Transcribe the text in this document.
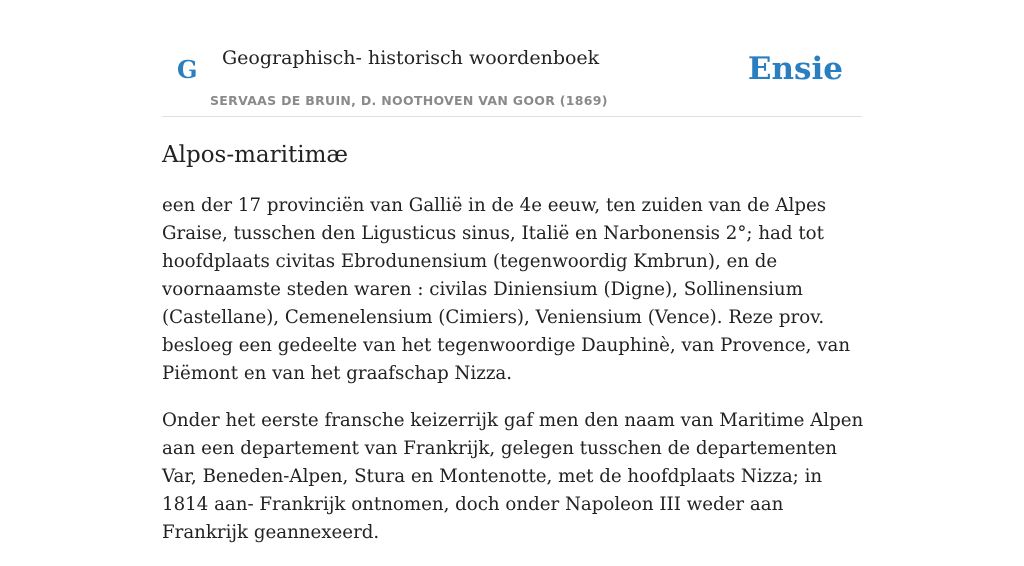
G Geographisch- historisch woordenboek
SERVAAS DE BRUIN, D. NOOTHOVEN VAN GOOR (1869)
Ensie
Alpos-maritimæ

een der 17 provinciën van Gallië in de 4e eeuw, ten zuiden van de Alpes Graise, tusschen den Ligusticus sinus, Italië en Narbonensis 2°; had tot hoofdplaats civitas Ebrodunensium (tegenwoordig Kmbrun), en de voornaamste steden waren : civilas Diniensium (Digne), Sollinensium (Castellane), Cemenelensium (Cimiers), Veniensium (Vence). Reze prov. besloeg een gedeelte van het tegenwoordige Dauphinè, van Provence, van Piëmont en van het graafschap Nizza.

Onder het eerste fransche keizerrijk gaf men den naam van Maritime Alpen aan een departement van Frankrijk, gelegen tusschen de departementen Var, Beneden-Alpen, Stura en Montenotte, met de hoofdplaats Nizza; in 1814 aan- Frankrijk ontnomen, doch onder Napoleon III weder aan Frankrijk geannexeerd.
